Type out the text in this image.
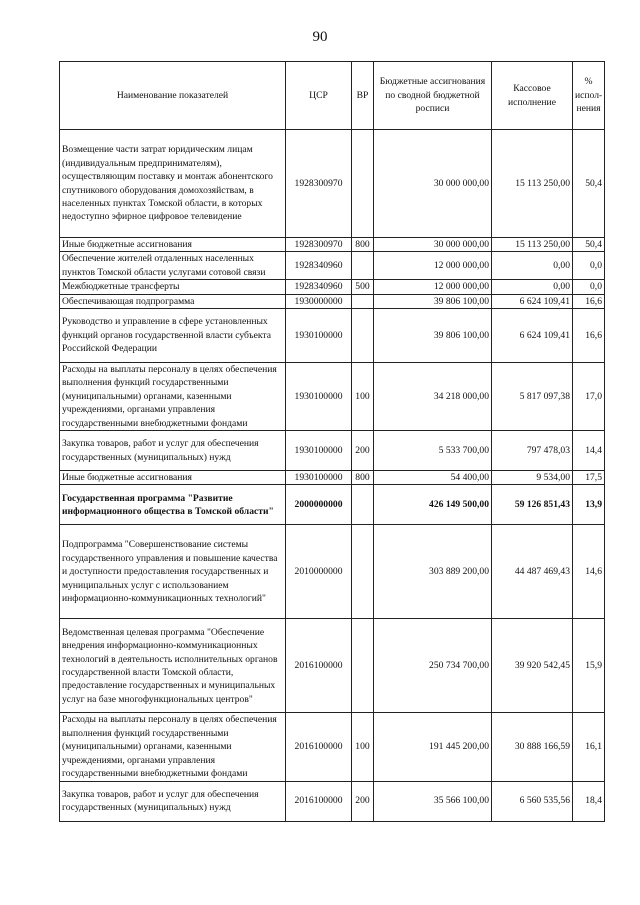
90
Наименование показателей	ЦСР	ВР	Бюджетные ассигнования по сводной бюджетной росписи	Кассовое исполнение	% испол-нения
Возмещение части затрат юридическим лицам (индивидуальным предпринимателям), осуществляющим поставку и монтаж абонентского спутникового оборудования домохозяйствам, в населенных пунктах Томской области, в которых недоступно эфирное цифровое телевидение	1928300970		30 000 000,00	15 113 250,00	50,4
Иные бюджетные ассигнования	1928300970	800	30 000 000,00	15 113 250,00	50,4
Обеспечение жителей отдаленных населенных пунктов Томской области услугами сотовой связи	1928340960		12 000 000,00	0,00	0,0
Межбюджетные трансферты	1928340960	500	12 000 000,00	0,00	0,0
Обеспечивающая подпрограмма	1930000000		39 806 100,00	6 624 109,41	16,6
Руководство и управление в сфере установленных функций органов государственной власти субъекта Российской Федерации	1930100000		39 806 100,00	6 624 109,41	16,6
Расходы на выплаты персоналу в целях обеспечения выполнения функций государственными (муниципальными) органами, казенными учреждениями, органами управления государственными внебюджетными фондами	1930100000	100	34 218 000,00	5 817 097,38	17,0
Закупка товаров, работ и услуг для обеспечения государственных (муниципальных) нужд	1930100000	200	5 533 700,00	797 478,03	14,4
Иные бюджетные ассигнования	1930100000	800	54 400,00	9 534,00	17,5
Государственная программа "Развитие информационного общества в Томской области"	2000000000		426 149 500,00	59 126 851,43	13,9
Подпрограмма "Совершенствование системы государственного управления и повышение качества и доступности предоставления государственных и муниципальных услуг с использованием информационно-коммуникационных технологий"	2010000000		303 889 200,00	44 487 469,43	14,6
Ведомственная целевая программа "Обеспечение внедрения информационно-коммуникационных технологий в деятельность исполнительных органов государственной власти Томской области, предоставление государственных и муниципальных услуг на базе многофункциональных центров"	2016100000		250 734 700,00	39 920 542,45	15,9
Расходы на выплаты персоналу в целях обеспечения выполнения функций государственными (муниципальными) органами, казенными учреждениями, органами управления государственными внебюджетными фондами	2016100000	100	191 445 200,00	30 888 166,59	16,1
Закупка товаров, работ и услуг для обеспечения государственных (муниципальных) нужд	2016100000	200	35 566 100,00	6 560 535,56	18,4
